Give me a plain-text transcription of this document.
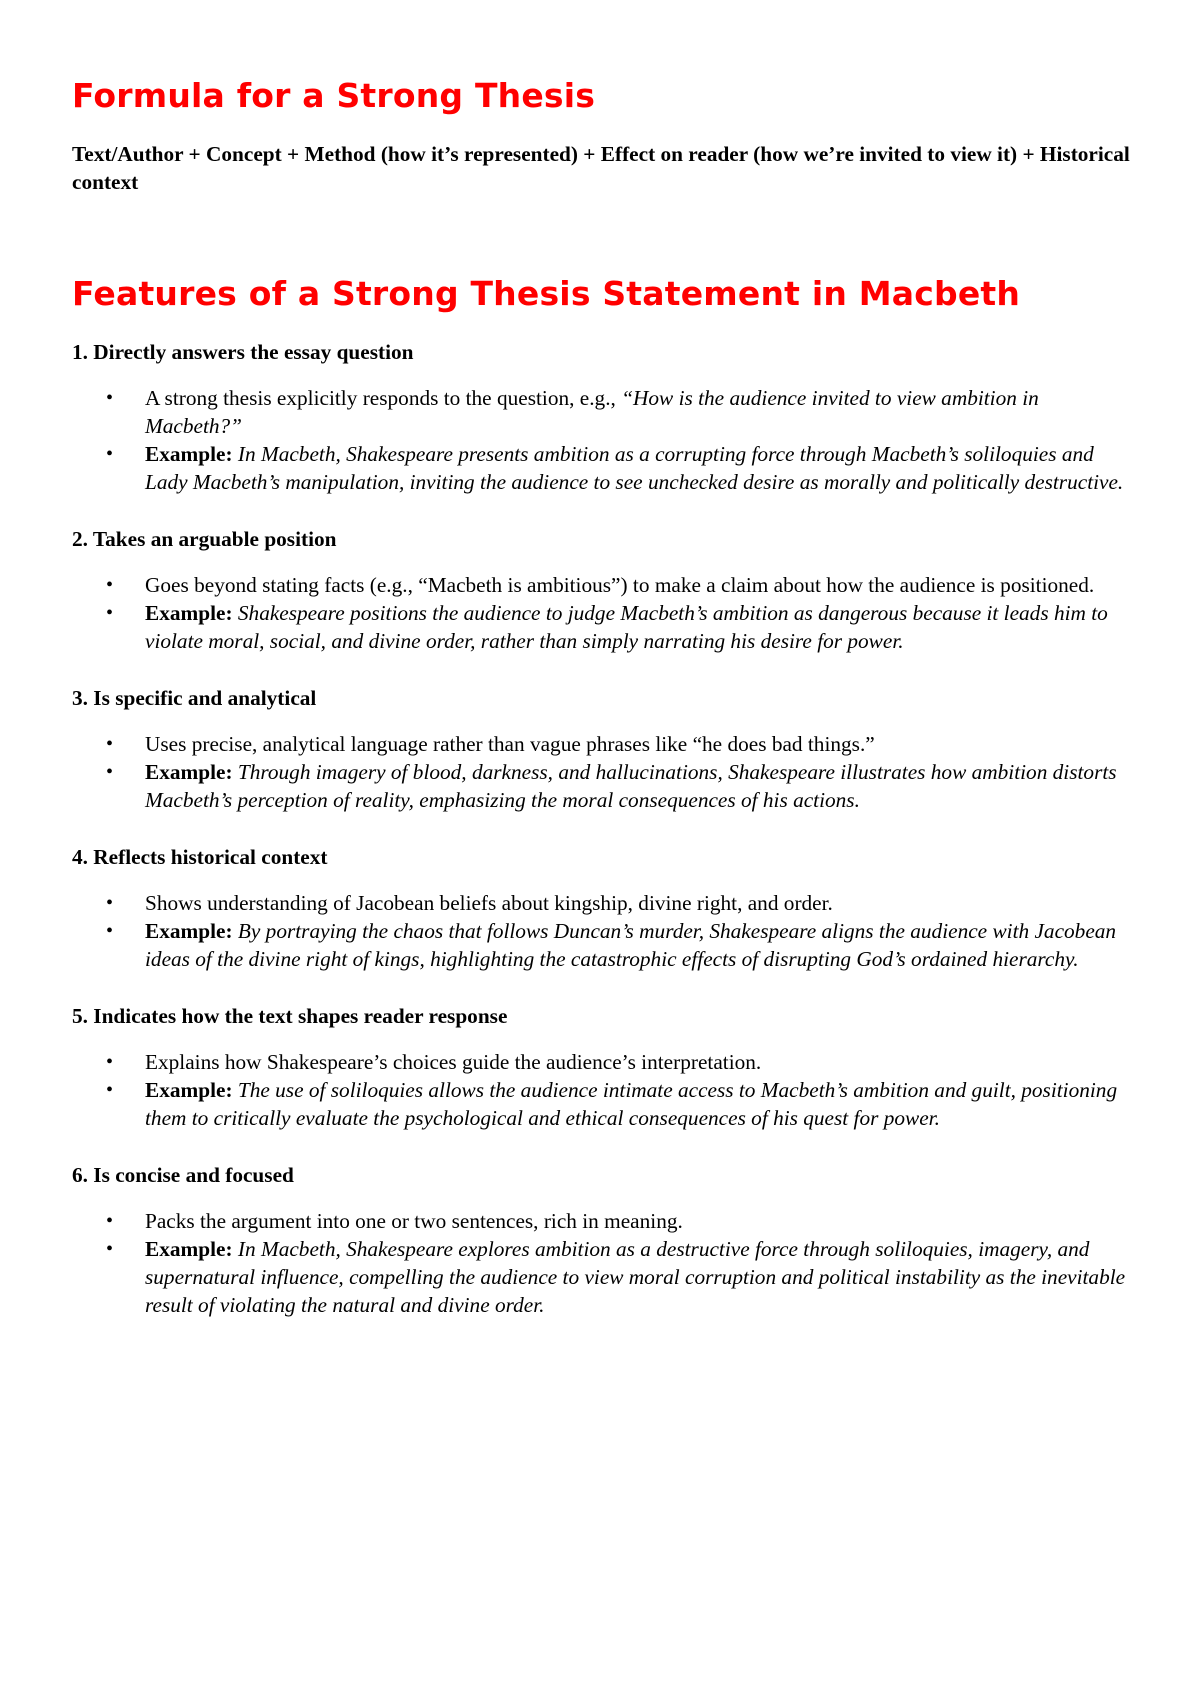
Formula for a Strong Thesis

Text/Author + Concept + Method (how it’s represented) + Effect on reader (how we’re invited to view it) + Historical context

Features of a Strong Thesis Statement in Macbeth

1. Directly answers the essay question

• A strong thesis explicitly responds to the question, e.g., “How is the audience invited to view ambition in Macbeth?”
• Example: In Macbeth, Shakespeare presents ambition as a corrupting force through Macbeth’s soliloquies and Lady Macbeth’s manipulation, inviting the audience to see unchecked desire as morally and politically destructive.

2. Takes an arguable position

• Goes beyond stating facts (e.g., “Macbeth is ambitious”) to make a claim about how the audience is positioned.
• Example: Shakespeare positions the audience to judge Macbeth’s ambition as dangerous because it leads him to violate moral, social, and divine order, rather than simply narrating his desire for power.

3. Is specific and analytical

• Uses precise, analytical language rather than vague phrases like “he does bad things.”
• Example: Through imagery of blood, darkness, and hallucinations, Shakespeare illustrates how ambition distorts Macbeth’s perception of reality, emphasizing the moral consequences of his actions.

4. Reflects historical context

• Shows understanding of Jacobean beliefs about kingship, divine right, and order.
• Example: By portraying the chaos that follows Duncan’s murder, Shakespeare aligns the audience with Jacobean ideas of the divine right of kings, highlighting the catastrophic effects of disrupting God’s ordained hierarchy.

5. Indicates how the text shapes reader response

• Explains how Shakespeare’s choices guide the audience’s interpretation.
• Example: The use of soliloquies allows the audience intimate access to Macbeth’s ambition and guilt, positioning them to critically evaluate the psychological and ethical consequences of his quest for power.

6. Is concise and focused

• Packs the argument into one or two sentences, rich in meaning.
• Example: In Macbeth, Shakespeare explores ambition as a destructive force through soliloquies, imagery, and supernatural influence, compelling the audience to view moral corruption and political instability as the inevitable result of violating the natural and divine order.
